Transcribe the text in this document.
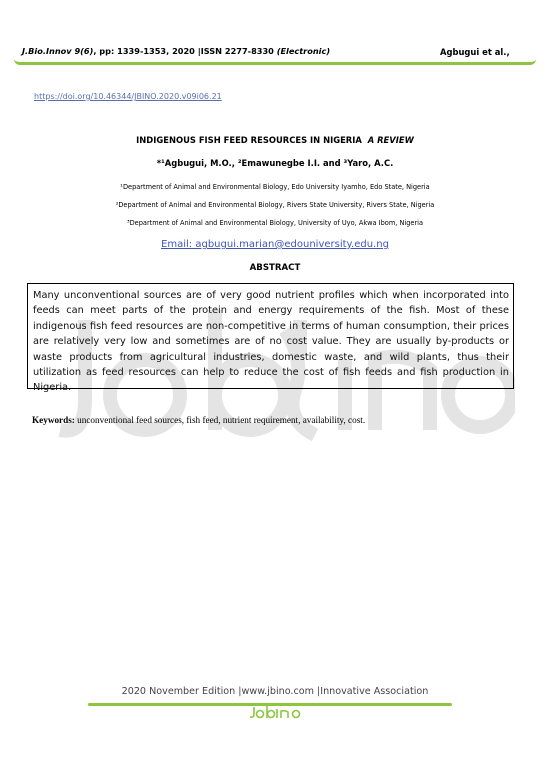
J.Bio.Innov 9(6), pp: 1339-1353, 2020 |ISSN 2277-8330 (Electronic)	Agbugui et al.,
https://doi.org/10.46344/JBINO.2020.v09i06.21
INDIGENOUS FISH FEED RESOURCES IN NIGERIA A REVIEW
*¹Agbugui, M.O., ²Emawunegbe I.I. and ³Yaro, A.C.
¹Department of Animal and Environmental Biology, Edo University Iyamho, Edo State, Nigeria
²Department of Animal and Environmental Biology, Rivers State University, Rivers State, Nigeria
³Department of Animal and Environmental Biology, University of Uyo, Akwa Ibom, Nigeria
Email: agbugui.marian@edouniversity.edu.ng
ABSTRACT

Many unconventional sources are of very good nutrient profiles which when incorporated into feeds can meet parts of the protein and energy requirements of the fish. Most of these indigenous fish feed resources are non-competitive in terms of human consumption, their prices are relatively very low and sometimes are of no cost value. They are usually by-products or waste products from agricultural industries, domestic waste, and wild plants, thus their utilization as feed resources can help to reduce the cost of fish feeds and fish production in Nigeria.

Keywords: unconventional feed sources, fish feed, nutrient requirement, availability, cost.
2020 November Edition |www.jbino.com |Innovative Association
